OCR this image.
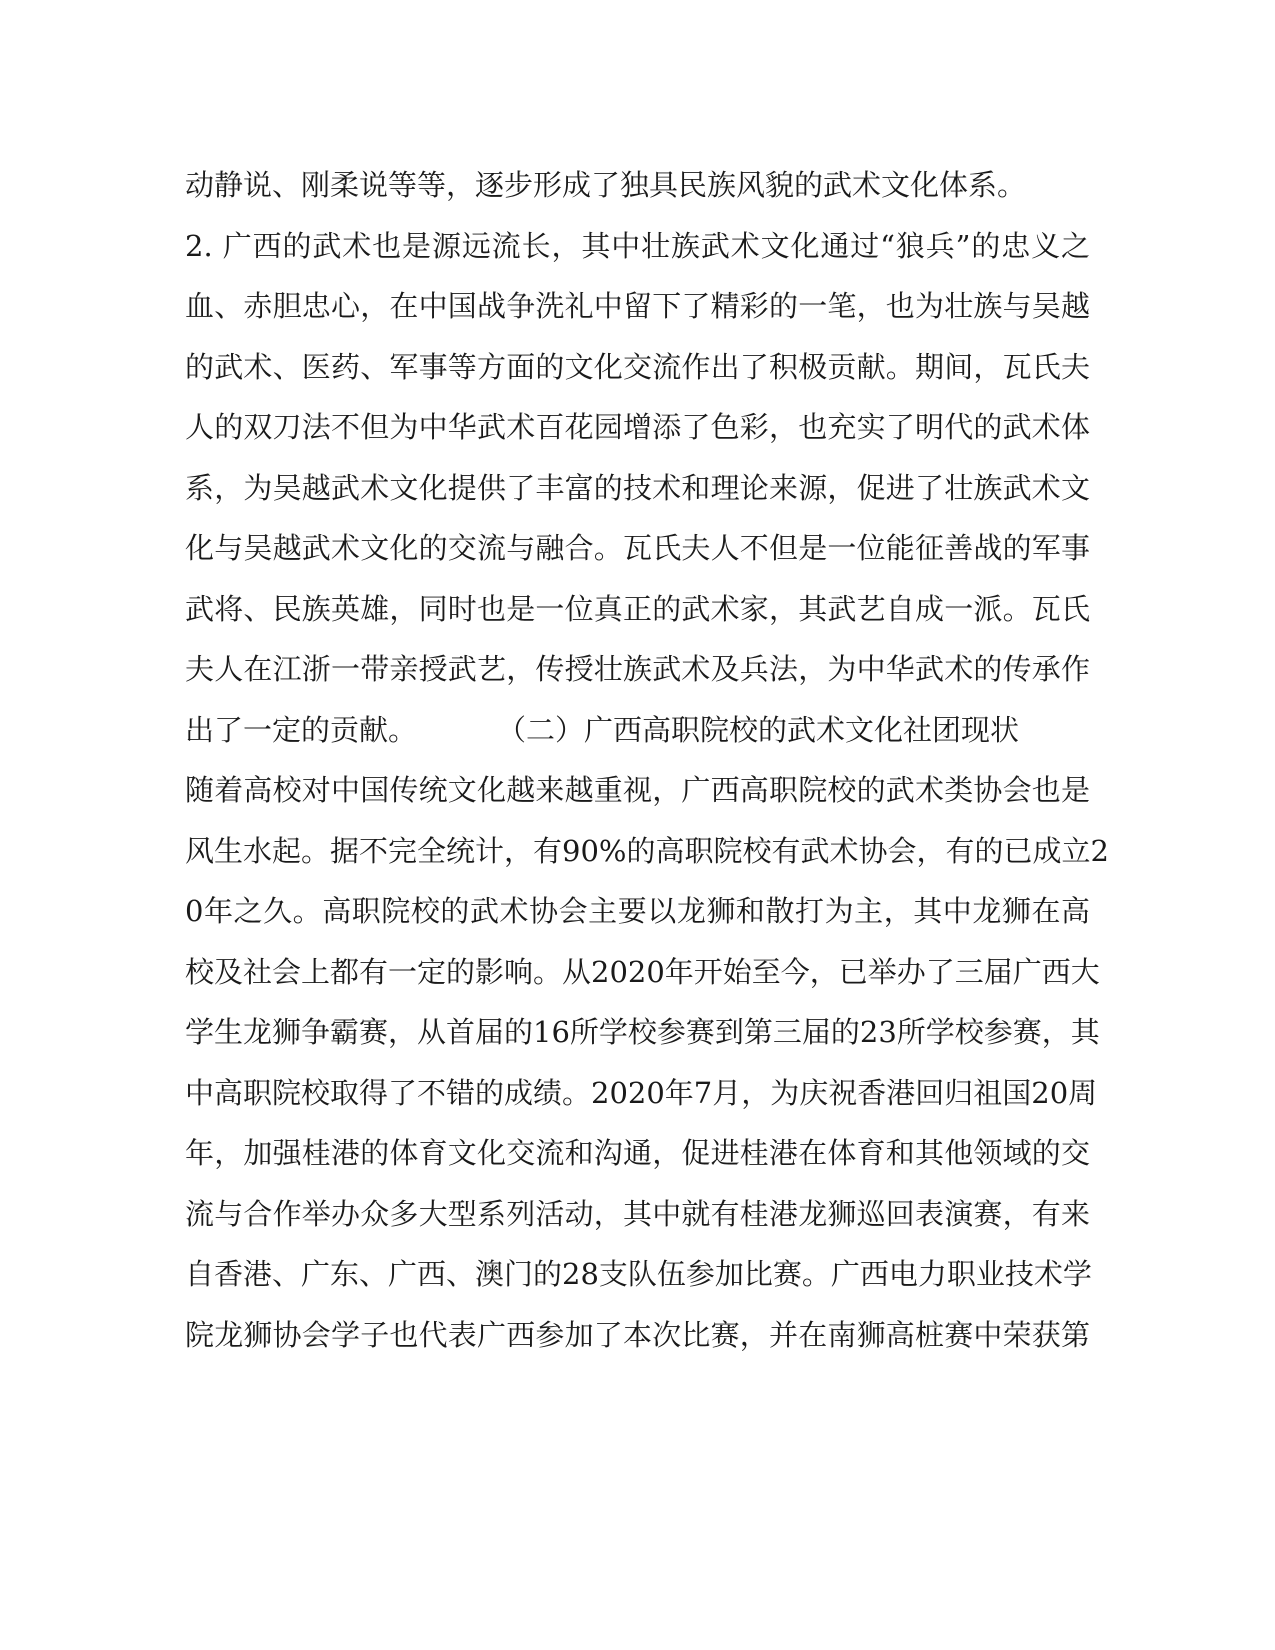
动静说、刚柔说等等，逐步形成了独具民族风貌的武术文化体系。
2. 广西的武术也是源远流长，其中壮族武术文化通过“狼兵”的忠义之
血、赤胆忠心，在中国战争洗礼中留下了精彩的一笔，也为壮族与吴越
的武术、医药、军事等方面的文化交流作出了积极贡献。期间，瓦氏夫
人的双刀法不但为中华武术百花园增添了色彩，也充实了明代的武术体
系，为吴越武术文化提供了丰富的技术和理论来源，促进了壮族武术文
化与吴越武术文化的交流与融合。瓦氏夫人不但是一位能征善战的军事
武将、民族英雄，同时也是一位真正的武术家，其武艺自成一派。瓦氏
夫人在江浙一带亲授武艺，传授壮族武术及兵法，为中华武术的传承作
出了一定的贡献。	（二）广西高职院校的武术文化社团现状
随着高校对中国传统文化越来越重视，广西高职院校的武术类协会也是
风生水起。据不完全统计，有90%的高职院校有武术协会，有的已成立2
0年之久。高职院校的武术协会主要以龙狮和散打为主，其中龙狮在高
校及社会上都有一定的影响。从2020年开始至今，已举办了三届广西大
学生龙狮争霸赛，从首届的16所学校参赛到第三届的23所学校参赛，其
中高职院校取得了不错的成绩。2020年7月，为庆祝香港回归祖国20周
年，加强桂港的体育文化交流和沟通，促进桂港在体育和其他领域的交
流与合作举办众多大型系列活动，其中就有桂港龙狮巡回表演赛，有来
自香港、广东、广西、澳门的28支队伍参加比赛。广西电力职业技术学
院龙狮协会学子也代表广西参加了本次比赛，并在南狮高桩赛中荣获第
